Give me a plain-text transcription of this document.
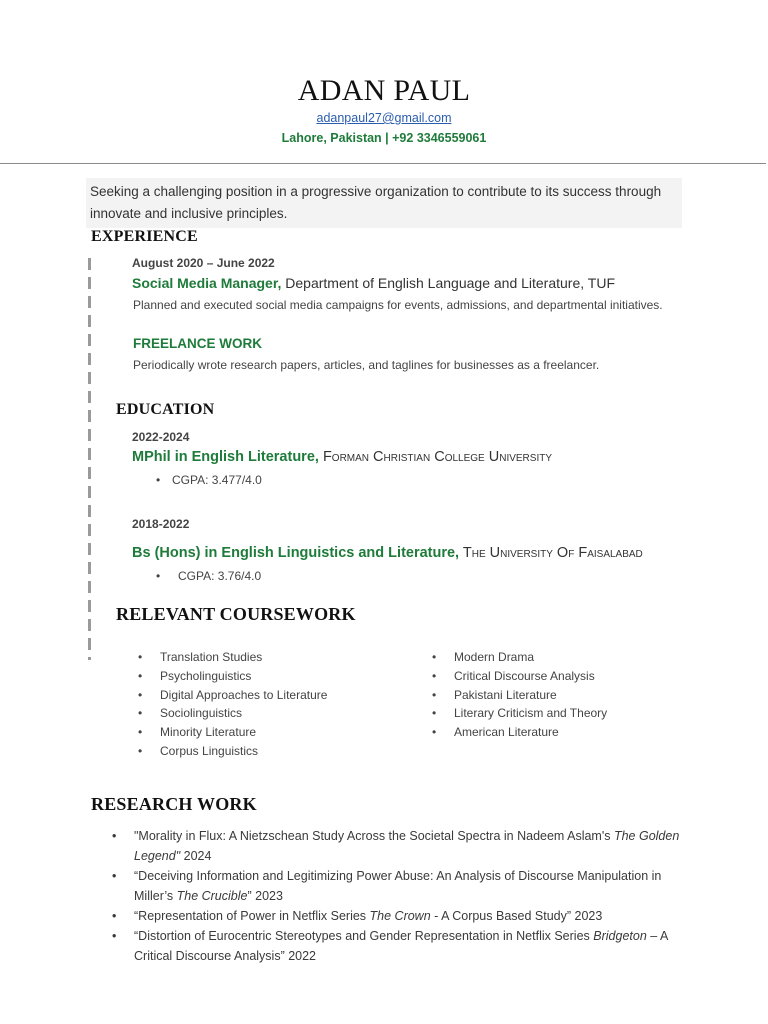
ADAN PAUL
adanpaul27@gmail.com
Lahore, Pakistan | +92 3346559061

Seeking a challenging position in a progressive organization to contribute to its success through innovate and inclusive principles.

EXPERIENCE
August 2020 – June 2022
Social Media Manager, Department of English Language and Literature, TUF
Planned and executed social media campaigns for events, admissions, and departmental initiatives.
FREELANCE WORK
Periodically wrote research papers, articles, and taglines for businesses as a freelancer.
EDUCATION
2022-2024
MPhil in English Literature, Forman Christian College University
• CGPA: 3.477/4.0
2018-2022
Bs (Hons) in English Linguistics and Literature, The University Of Faisalabad
• CGPA: 3.76/4.0
RELEVANT COURSEWORK
• Translation Studies
• Psycholinguistics
• Digital Approaches to Literature
• Sociolinguistics
• Minority Literature
• Corpus Linguistics
• Modern Drama
• Critical Discourse Analysis
• Pakistani Literature
• Literary Criticism and Theory
• American Literature
RESEARCH WORK
• "Morality in Flux: A Nietzschean Study Across the Societal Spectra in Nadeem Aslam's The Golden Legend" 2024
• “Deceiving Information and Legitimizing Power Abuse: An Analysis of Discourse Manipulation in Miller’s The Crucible” 2023
• “Representation of Power in Netflix Series The Crown - A Corpus Based Study” 2023
• “Distortion of Eurocentric Stereotypes and Gender Representation in Netflix Series Bridgeton – A Critical Discourse Analysis” 2022
